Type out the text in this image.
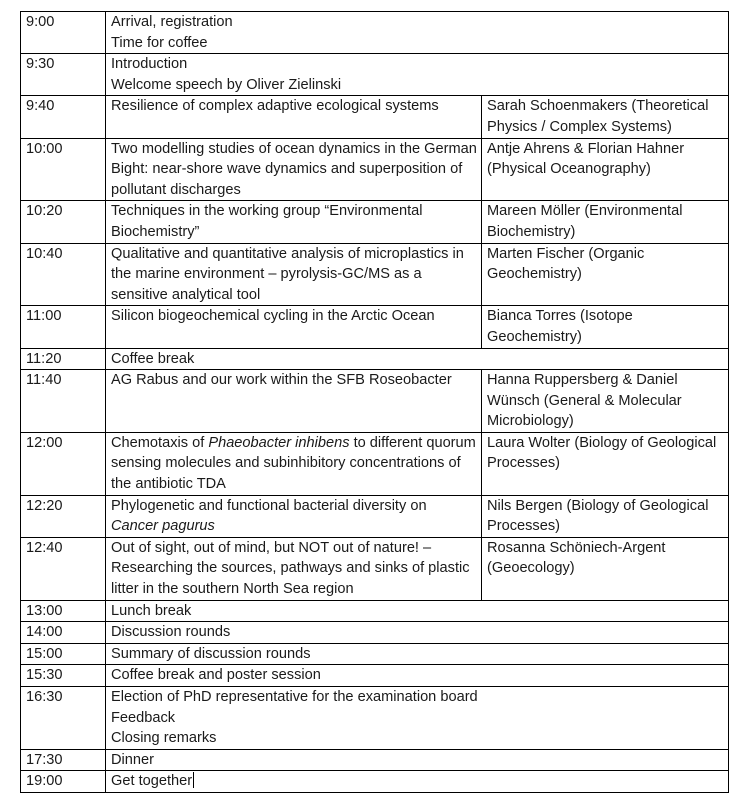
9:00	Arrival, registration
Time for coffee	

9:30	Introduction
Welcome speech by Oliver Zielinski	

9:40	Resilience of complex adaptive ecological systems	Sarah Schoenmakers (Theoretical Physics / Complex Systems)
10:00	Two modelling studies of ocean dynamics in the German Bight: near-shore wave dynamics and superposition of pollutant discharges	Antje Ahrens & Florian Hahner (Physical Oceanography)
10:20	Techniques in the working group “Environmental Biochemistry”	Mareen Möller (Environmental Biochemistry)
10:40	Qualitative and quantitative analysis of microplastics in the marine environment – pyrolysis-GC/MS as a sensitive analytical tool	Marten Fischer (Organic Geochemistry)
11:00	Silicon biogeochemical cycling in the Arctic Ocean	Bianca Torres (Isotope Geochemistry)
11:20	Coffee break	

11:40	AG Rabus and our work within the SFB Roseobacter	Hanna Ruppersberg & Daniel Wünsch (General & Molecular Microbiology)
12:00	Chemotaxis of Phaeobacter inhibens to different quorum sensing molecules and subinhibitory concentrations of the antibiotic TDA	Laura Wolter (Biology of Geological Processes)
12:20	Phylogenetic and functional bacterial diversity on Cancer pagurus	Nils Bergen (Biology of Geological Processes)
12:40	Out of sight, out of mind, but NOT out of nature! – Researching the sources, pathways and sinks of plastic litter in the southern North Sea region	Rosanna Schöniech-Argent (Geoecology)
13:00	Lunch break	

14:00	Discussion rounds	

15:00	Summary of discussion rounds	

15:30	Coffee break and poster session	

16:30	Election of PhD representative for the examination board
Feedback
Closing remarks	

17:30	Dinner	

19:00	Get together	
